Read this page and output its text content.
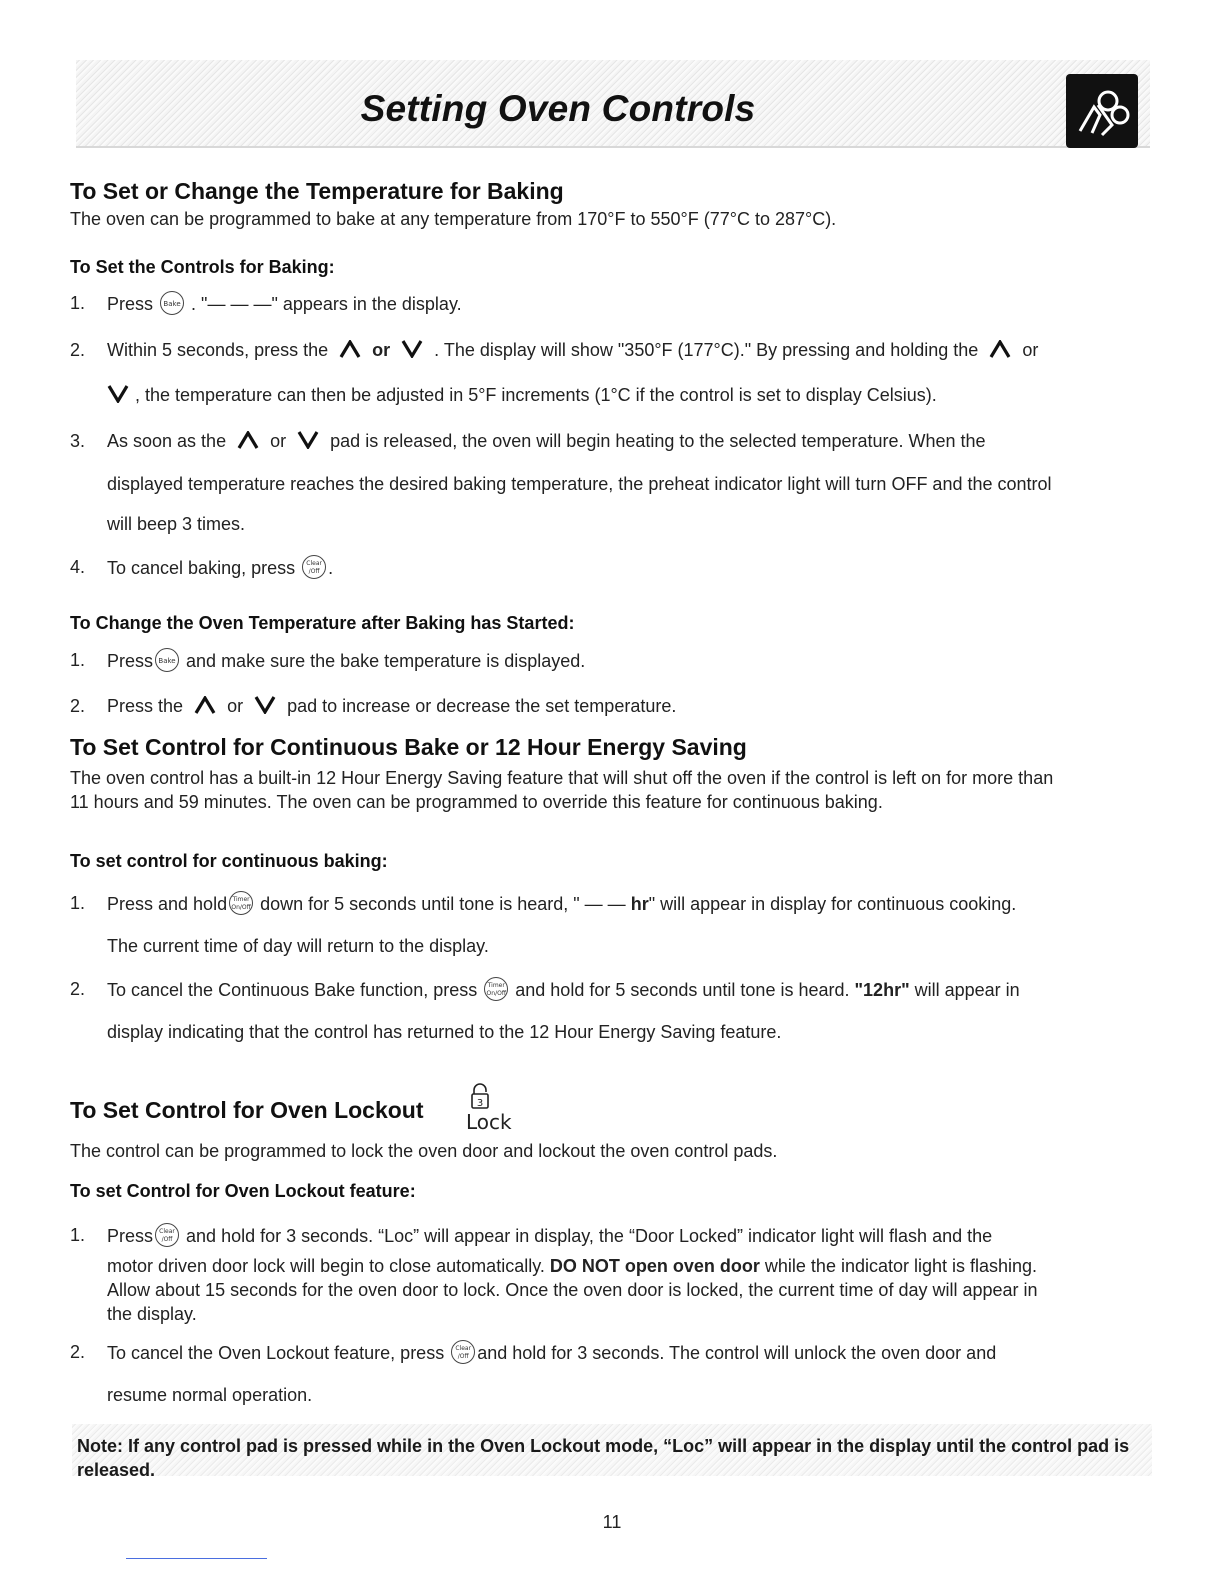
Setting Oven Controls
To Set or Change the Temperature for Baking
The oven can be programmed to bake at any temperature from 170°F to 550°F (77°C to 287°C).
To Set the Controls for Baking:
1. Press Bake . "— — —" appears in the display.
2. Within 5 seconds, press the or . The display will show "350°F (177°C)." By pressing and holding the or
, the temperature can then be adjusted in 5°F increments (1°C if the control is set to display Celsius).
3. As soon as the or pad is released, the oven will begin heating to the selected temperature. When the
displayed temperature reaches the desired baking temperature, the preheat indicator light will turn OFF and the control
will beep 3 times.
4. To cancel baking, press Clear
/Off .
To Change the Oven Temperature after Baking has Started:
1. Press Bake and make sure the bake temperature is displayed.
2. Press the or pad to increase or decrease the set temperature.
To Set Control for Continuous Bake or 12 Hour Energy Saving
The oven control has a built-in 12 Hour Energy Saving feature that will shut off the oven if the control is left on for more than
11 hours and 59 minutes. The oven can be programmed to override this feature for continuous baking.
To set control for continuous baking:
1. Press and hold Timer
On/Off down for 5 seconds until tone is heard, " — — hr" will appear in display for continuous cooking.
The current time of day will return to the display.
2. To cancel the Continuous Bake function, press Timer
On/Off and hold for 5 seconds until tone is heard. "12hr" will appear in
display indicating that the control has returned to the 12 Hour Energy Saving feature.
To Set Control for Oven Lockout	3
Lock
The control can be programmed to lock the oven door and lockout the oven control pads.
To set Control for Oven Lockout feature:
1. Press Clear
/Off and hold for 3 seconds. “Loc” will appear in display, the “Door Locked” indicator light will flash and the
motor driven door lock will begin to close automatically. DO NOT open oven door while the indicator light is flashing.
Allow about 15 seconds for the oven door to lock. Once the oven door is locked, the current time of day will appear in
the display.
2. To cancel the Oven Lockout feature, press Clear
/Off and hold for 3 seconds. The control will unlock the oven door and
resume normal operation.
Note: If any control pad is pressed while in the Oven Lockout mode, “Loc” will appear in the display until the control pad is released.
11
